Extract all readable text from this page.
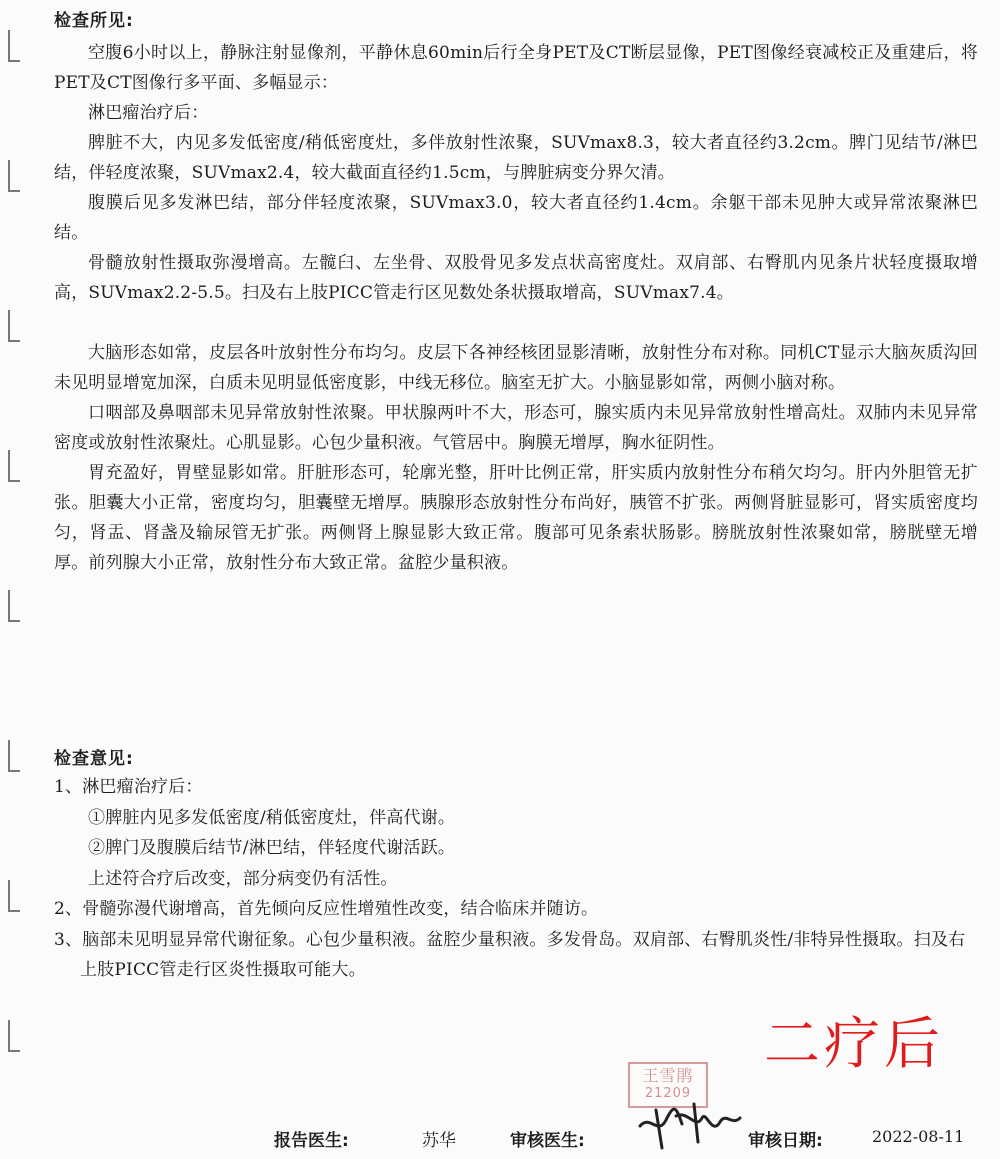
检查所见:

空腹6小时以上，静脉注射显像剂，平静休息60min后行全身PET及CT断层显像，PET图像经衰减校正及重建后，将PET及CT图像行多平面、多幅显示：

淋巴瘤治疗后：

脾脏不大，内见多发低密度/稍低密度灶，多伴放射性浓聚，SUVmax8.3，较大者直径约3.2cm。脾门见结节/淋巴结，伴轻度浓聚，SUVmax2.4，较大截面直径约1.5cm，与脾脏病变分界欠清。

腹膜后见多发淋巴结，部分伴轻度浓聚，SUVmax3.0，较大者直径约1.4cm。余躯干部未见肿大或异常浓聚淋巴结。

骨髓放射性摄取弥漫增高。左髋臼、左坐骨、双股骨见多发点状高密度灶。双肩部、右臀肌内见条片状轻度摄取增高，SUVmax2.2-5.5。扫及右上肢PICC管走行区见数处条状摄取增高，SUVmax7.4。

大脑形态如常，皮层各叶放射性分布均匀。皮层下各神经核团显影清晰，放射性分布对称。同机CT显示大脑灰质沟回未见明显增宽加深，白质未见明显低密度影，中线无移位。脑室无扩大。小脑显影如常，两侧小脑对称。

口咽部及鼻咽部未见异常放射性浓聚。甲状腺两叶不大，形态可，腺实质内未见异常放射性增高灶。双肺内未见异常密度或放射性浓聚灶。心肌显影。心包少量积液。气管居中。胸膜无增厚，胸水征阴性。

胃充盈好，胃壁显影如常。肝脏形态可，轮廓光整，肝叶比例正常，肝实质内放射性分布稍欠均匀。肝内外胆管无扩张。胆囊大小正常，密度均匀，胆囊壁无增厚。胰腺形态放射性分布尚好，胰管不扩张。两侧肾脏显影可，肾实质密度均匀，肾盂、肾盏及输尿管无扩张。两侧肾上腺显影大致正常。腹部可见条索状肠影。膀胱放射性浓聚如常，膀胱壁无增厚。前列腺大小正常，放射性分布大致正常。盆腔少量积液。

检查意见:

1、淋巴瘤治疗后：

①脾脏内见多发低密度/稍低密度灶，伴高代谢。

②脾门及腹膜后结节/淋巴结，伴轻度代谢活跃。

上述符合疗后改变，部分病变仍有活性。

2、骨髓弥漫代谢增高，首先倾向反应性增殖性改变，结合临床并随访。

3、脑部未见明显异常代谢征象。心包少量积液。盆腔少量积液。多发骨岛。双肩部、右臀肌炎性/非特异性摄取。扫及右上肢PICC管走行区炎性摄取可能大。

二疗后
王雪鹃
21209
报告医生:	苏华	审核医生:	审核日期:	2022-08-11
